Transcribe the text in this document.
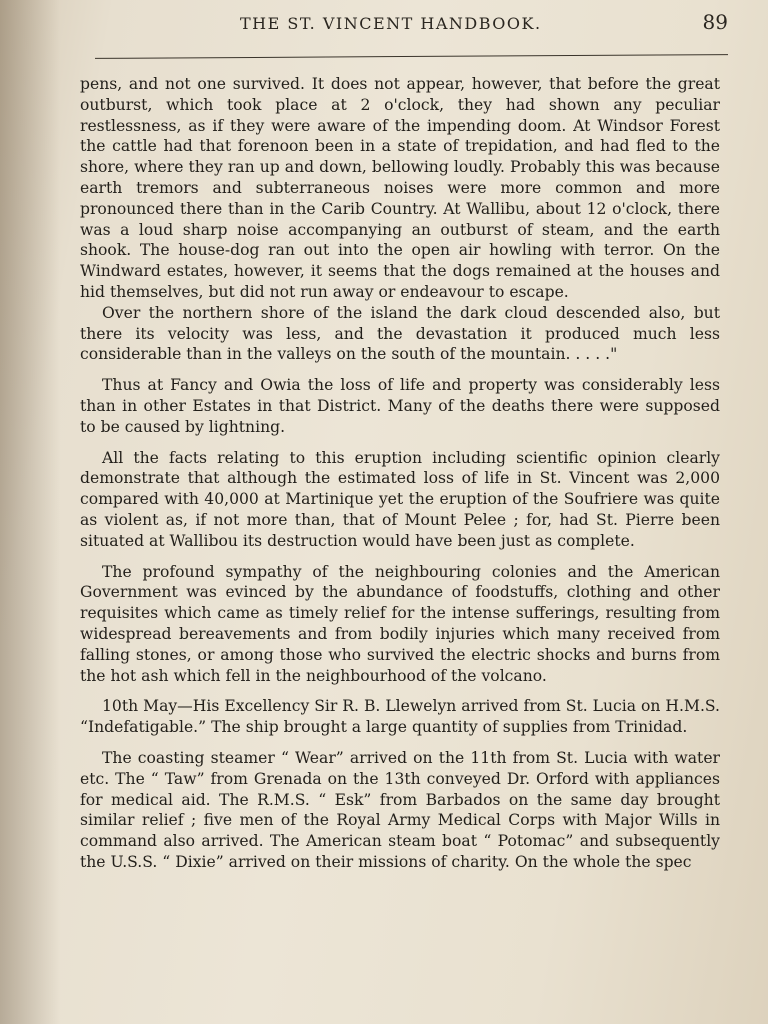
THE ST. VINCENT HANDBOOK.	89

pens, and not one survived. It does not appear, however, that before the great outburst, which took place at 2 o'clock, they had shown any peculiar restlessness, as if they were aware of the impending doom. At Windsor Forest the cattle had that forenoon been in a state of trepidation, and had fled to the shore, where they ran up and down, bellowing loudly. Probably this was because earth tremors and subterraneous noises were more common and more pronounced there than in the Carib Country. At Wallibu, about 12 o'clock, there was a loud sharp noise accompanying an outburst of steam, and the earth shook. The house-dog ran out into the open air howling with terror. On the Windward estates, however, it seems that the dogs remained at the houses and hid themselves, but did not run away or endeavour to escape.

Over the northern shore of the island the dark cloud descended also, but there its velocity was less, and the devastation it produced much less considerable than in the valleys on the south of the mountain. . . . ."

Thus at Fancy and Owia the loss of life and property was considerably less than in other Estates in that District. Many of the deaths there were supposed to be caused by lightning.

All the facts relating to this eruption including scientific opinion clearly demonstrate that although the estimated loss of life in St. Vincent was 2,000 compared with 40,000 at Martinique yet the eruption of the Soufriere was quite as violent as, if not more than, that of Mount Pelee ; for, had St. Pierre been situated at Wallibou its destruction would have been just as complete.

The profound sympathy of the neighbouring colonies and the American Government was evinced by the abundance of foodstuffs, clothing and other requisites which came as timely relief for the intense sufferings, resulting from widespread bereavements and from bodily injuries which many received from falling stones, or among those who survived the electric shocks and burns from the hot ash which fell in the neighbourhood of the volcano.

10th May—His Excellency Sir R. B. Llewelyn arrived from St. Lucia on H.M.S. “Indefatigable.” The ship brought a large quantity of supplies from Trinidad.

The coasting steamer “ Wear” arrived on the 11th from St. Lucia with water etc. The “ Taw” from Grenada on the 13th conveyed Dr. Orford with appliances for medical aid. The R.M.S. “ Esk” from Barbados on the same day brought similar relief ; five men of the Royal Army Medical Corps with Major Wills in command also arrived. The American steam boat “ Potomac” and subsequently the U.S.S. “ Dixie” arrived on their missions of charity. On the whole the spec
